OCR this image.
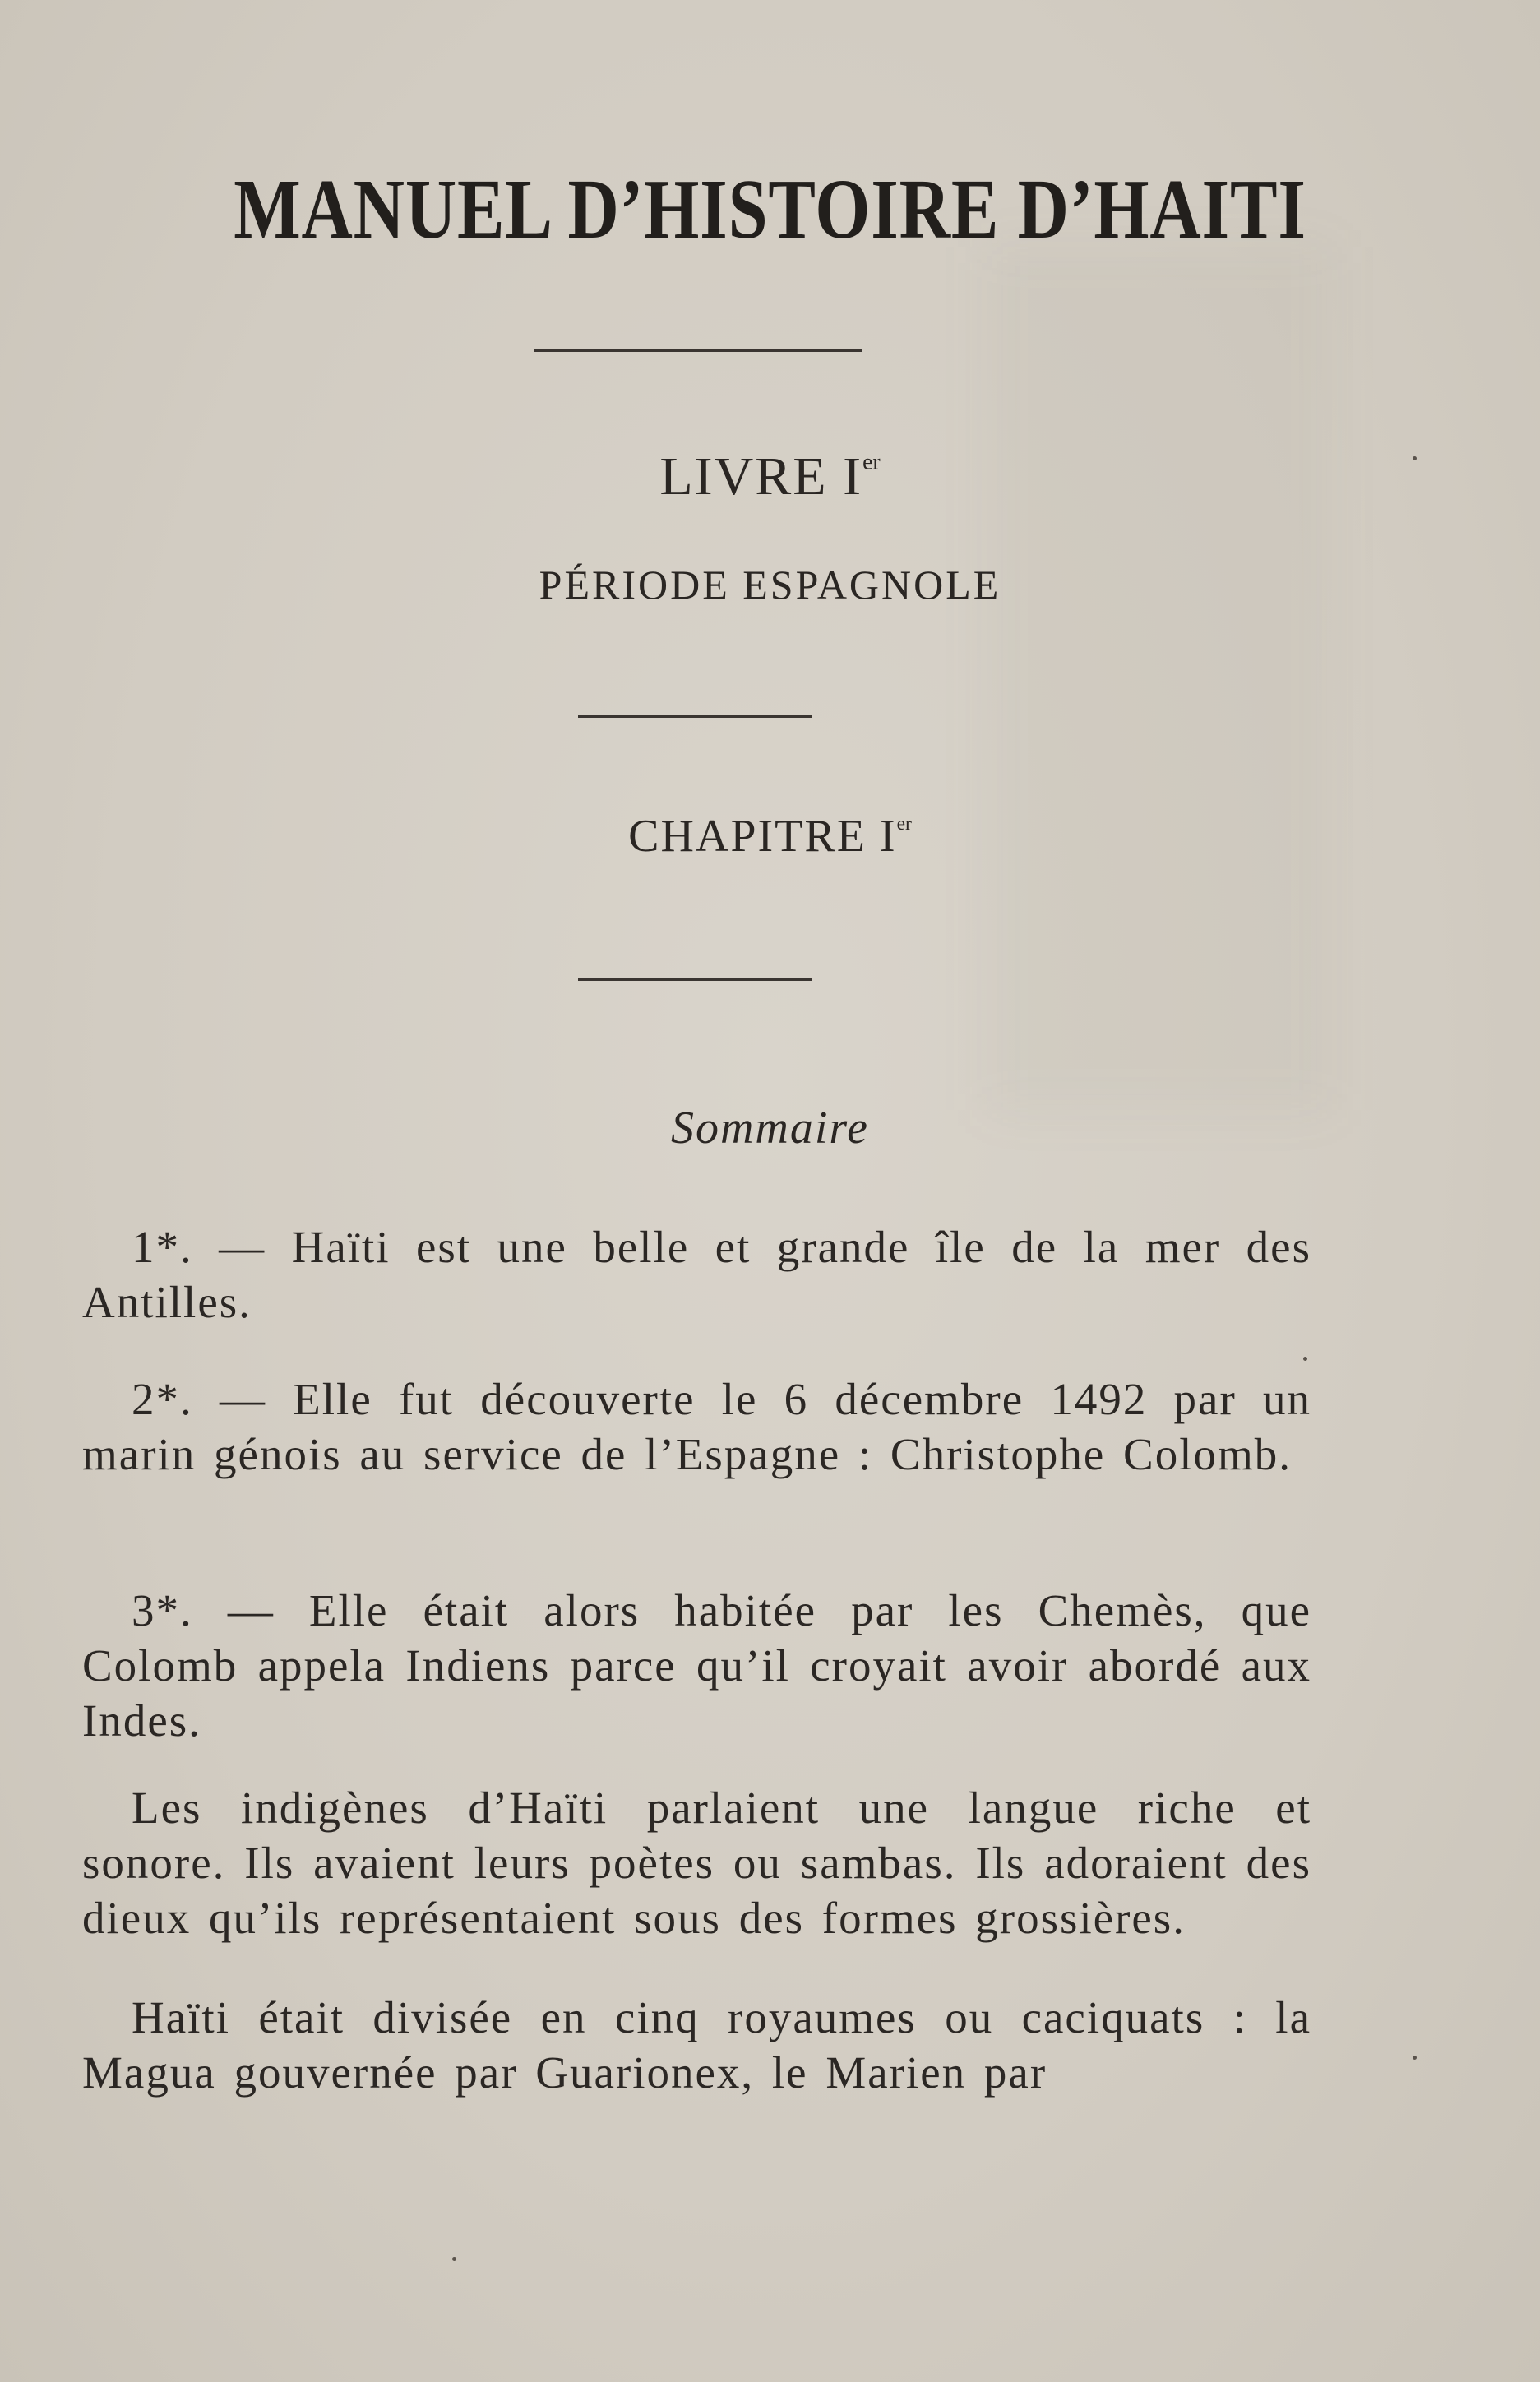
MANUEL D’HISTOIRE D’HAITI
LIVRE Ier
PÉRIODE ESPAGNOLE
CHAPITRE Ier
Sommaire

1*. — Haïti est une belle et grande île de la mer des Antilles.

2*. — Elle fut découverte le 6 décembre 1492 par un marin génois au service de l’Espagne : Christophe Colomb.

3*. — Elle était alors habitée par les Chemès, que Colomb appela Indiens parce qu’il croyait avoir abordé aux Indes.

Les indigènes d’Haïti parlaient une langue riche et sonore. Ils avaient leurs poètes ou sambas. Ils adoraient des dieux qu’ils représentaient sous des formes grossières.

Haïti était divisée en cinq royaumes ou caciquats : la Magua gouvernée par Guarionex, le Marien par
